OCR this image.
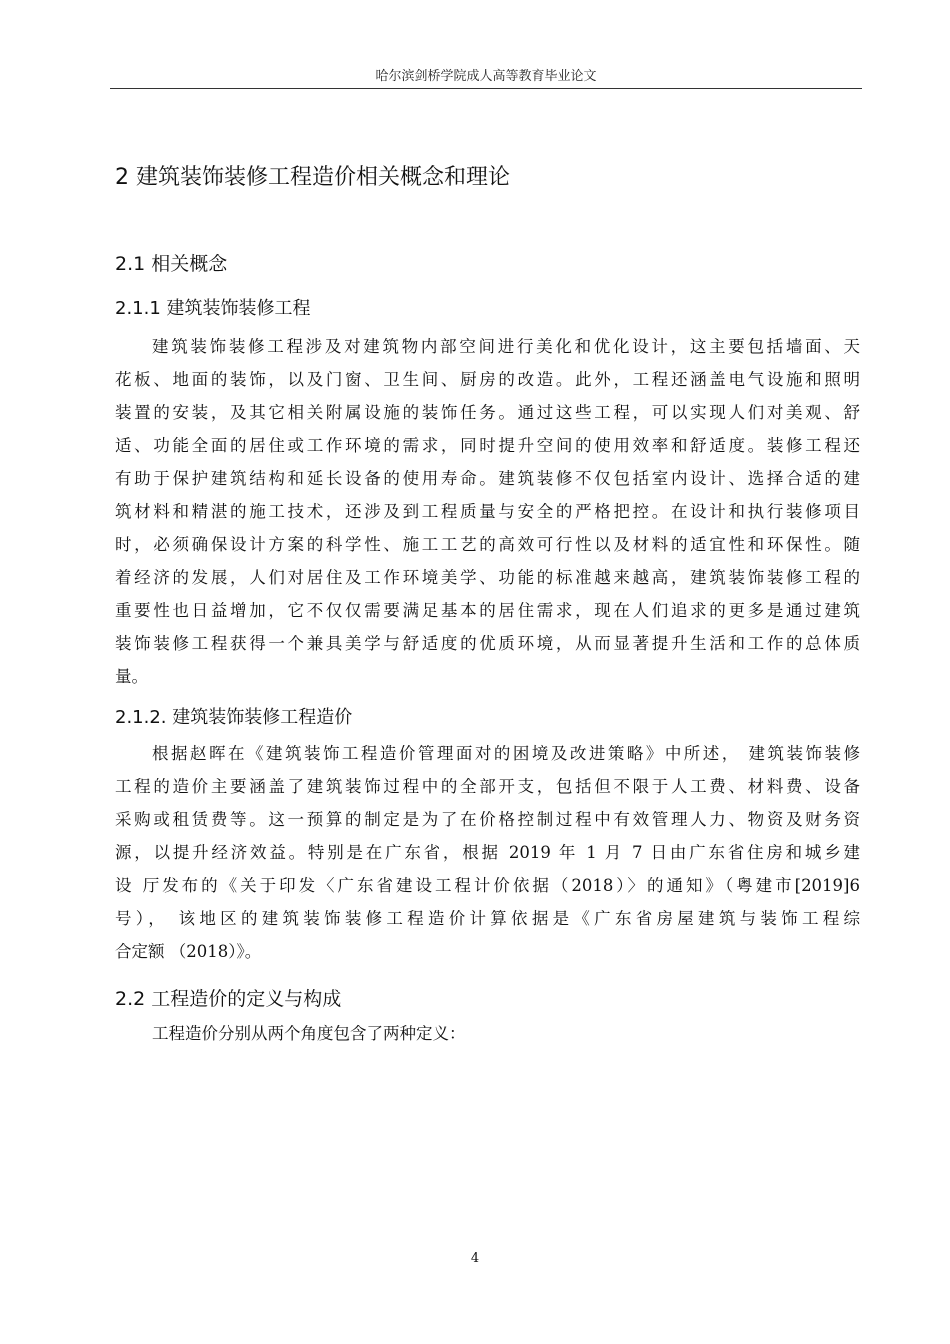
哈尔滨剑桥学院成人高等教育毕业论文
2 建筑装饰装修工程造价相关概念和理论
2.1 相关概念
2.1.1 建筑装饰装修工程
建筑装饰装修工程涉及对建筑物内部空间进行美化和优化设计，这主要包括墙面、天
花板、地面的装饰，以及门窗、卫生间、厨房的改造。此外，工程还涵盖电气设施和照明
装置的安装，及其它相关附属设施的装饰任务。通过这些工程，可以实现人们对美观、舒
适、功能全面的居住或工作环境的需求，同时提升空间的使用效率和舒适度。装修工程还
有助于保护建筑结构和延长设备的使用寿命。建筑装修不仅包括室内设计、选择合适的建
筑材料和精湛的施工技术，还涉及到工程质量与安全的严格把控。在设计和执行装修项目
时，必须确保设计方案的科学性、施工工艺的高效可行性以及材料的适宜性和环保性。随
着经济的发展，人们对居住及工作环境美学、功能的标准越来越高，建筑装饰装修工程的
重要性也日益增加，它不仅仅需要满足基本的居住需求，现在人们追求的更多是通过建筑
装饰装修工程获得一个兼具美学与舒适度的优质环境，从而显著提升生活和工作的总体质
量。
2.1.2. 建筑装饰装修工程造价
根据赵晖在《建筑装饰工程造价管理面对的困境及改进策略》中所述， 建筑装饰装修
工程的造价主要涵盖了建筑装饰过程中的全部开支，包括但不限于人工费、材料费、设备
采购或租赁费等。这一预算的制定是为了在价格控制过程中有效管理人力、物资及财务资
源，以提升经济效益。特别是在广东省，根据 2019 年 1 月 7 日由广东省住房和城乡建
设 厅发布的《关于印发〈广东省建设工程计价依据（2018）〉的通知》（粤建市[2019]6
号）， 该地区的建筑装饰装修工程造价计算依据是《广东省房屋建筑与装饰工程综
合定额 （2018）》。
2.2 工程造价的定义与构成
工程造价分别从两个角度包含了两种定义：
4
